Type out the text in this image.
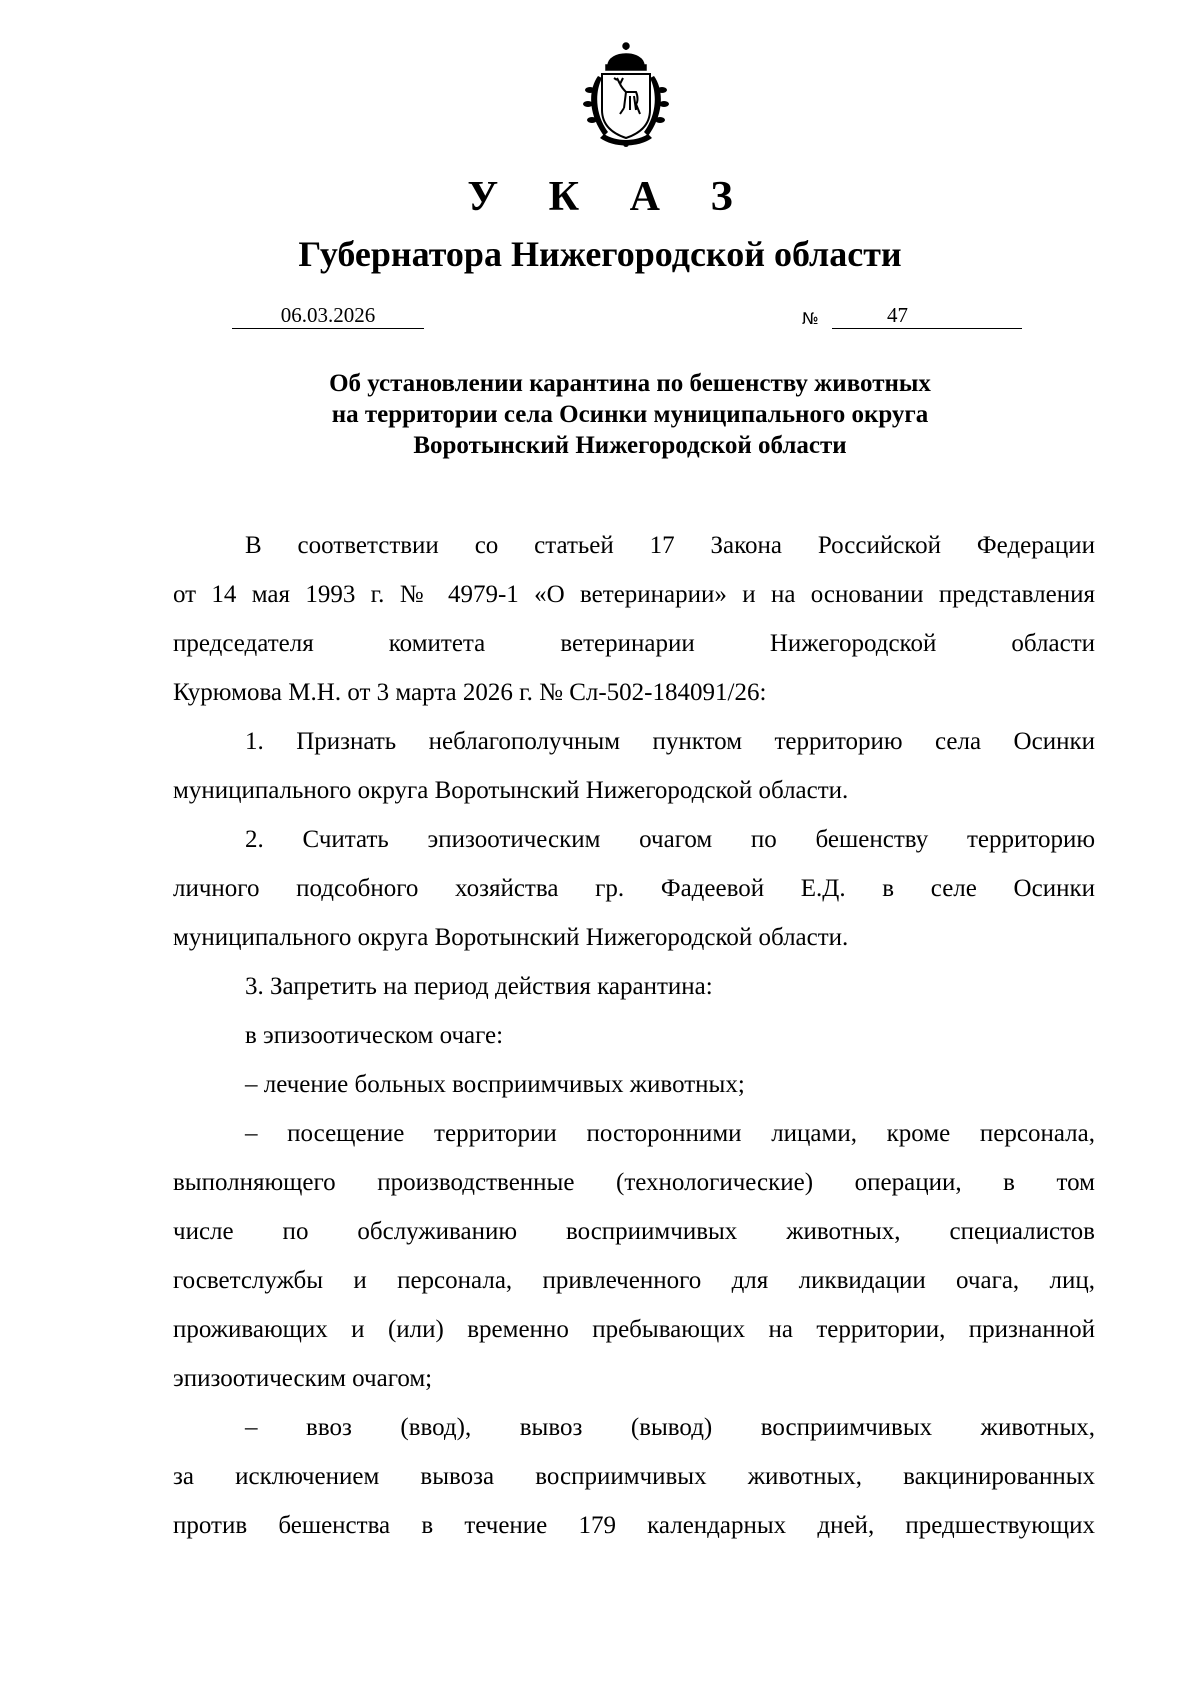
У К А З
Губернатора Нижегородской области
06.03.2026	№	47
Об установлении карантина по бешенству животных
на территории села Осинки муниципального округа
Воротынский Нижегородской области

В соответствии со статьей 17 Закона Российской Федерации

от 14 мая 1993 г. № 4979-1 «О ветеринарии» и на основании представления

председателя комитета ветеринарии Нижегородской области

Курюмова М.Н. от 3 марта 2026 г. № Сл-502-184091/26:

1. Признать неблагополучным пунктом территорию села Осинки

муниципального округа Воротынский Нижегородской области.

2. Считать эпизоотическим очагом по бешенству территорию

личного подсобного хозяйства гр. Фадеевой Е.Д. в селе Осинки

муниципального округа Воротынский Нижегородской области.

3. Запретить на период действия карантина:

в эпизоотическом очаге:

– лечение больных восприимчивых животных;

– посещение территории посторонними лицами, кроме персонала,

выполняющего производственные (технологические) операции, в том

числе по обслуживанию восприимчивых животных, специалистов

госветслужбы и персонала, привлеченного для ликвидации очага, лиц,

проживающих и (или) временно пребывающих на территории, признанной

эпизоотическим очагом;

– ввоз (ввод), вывоз (вывод) восприимчивых животных,

за исключением вывоза восприимчивых животных, вакцинированных

против бешенства в течение 179 календарных дней, предшествующих
